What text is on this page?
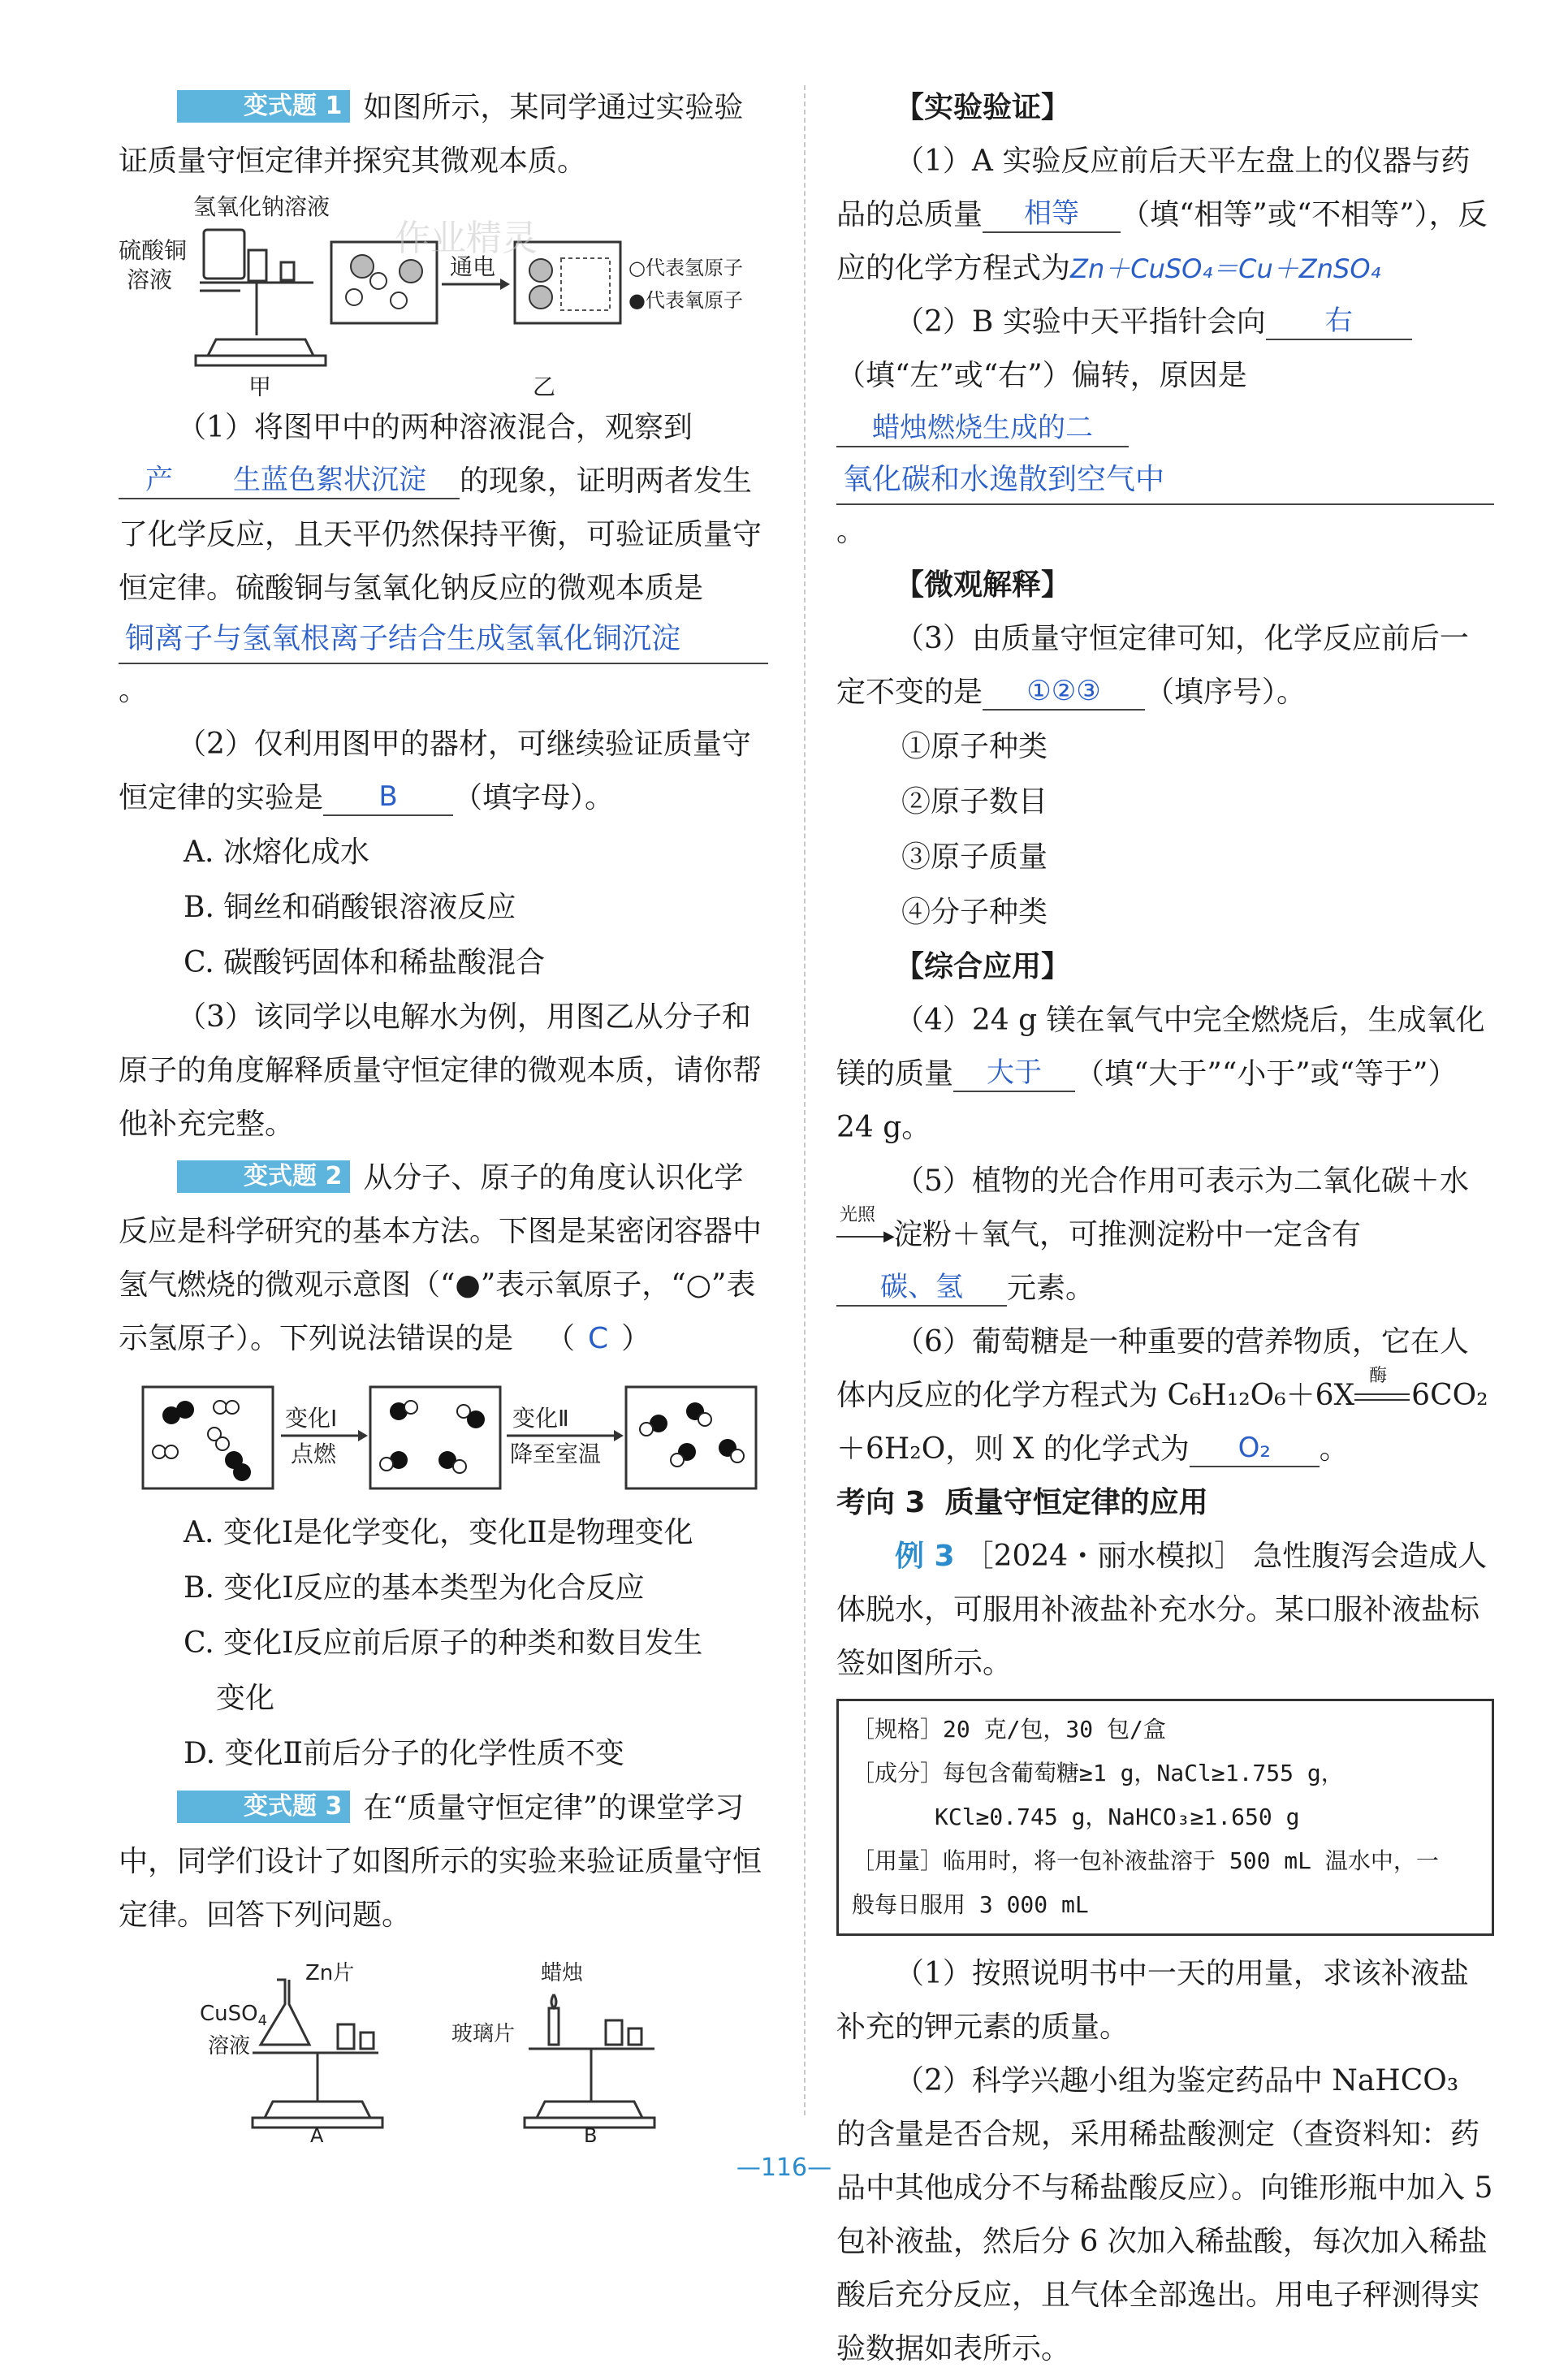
变式题 1 如图所示，某同学通过实验验证质量守恒定律并探究其微观本质。

氢氧化钠溶液
硫酸铜
溶液
甲
通电	○代表氢原子
●代表氧原子
乙
作业精灵

（1）将图甲中的两种溶液混合，观察到产 生蓝色絮状沉淀 的现象，证明两者发生了化学反应，且天平仍然保持平衡，可验证质量守恒定律。硫酸铜与氢氧化钠反应的微观本质是
铜离子与氢氧根离子结合生成氢氧化铜沉淀
。

（2）仅利用图甲的器材，可继续验证质量守恒定律的实验是 B （填字母）。

A. 冰熔化成水
B. 铜丝和硝酸银溶液反应
C. 碳酸钙固体和稀盐酸混合

（3）该同学以电解水为例，用图乙从分子和原子的角度解释质量守恒定律的微观本质，请你帮他补充完整。

变式题 2 从分子、原子的角度认识化学反应是科学研究的基本方法。下图是某密闭容器中氢气燃烧的微观示意图（“●”表示氧原子，“○”表示氢原子）。下列说法错误的是 （ C ）

变化Ⅰ
点燃
变化Ⅱ
降至室温
A. 变化Ⅰ是化学变化，变化Ⅱ是物理变化
B. 变化Ⅰ反应的基本类型为化合反应
C. 变化Ⅰ反应前后原子的种类和数目发生
变化
D. 变化Ⅱ前后分子的化学性质不变

变式题 3 在“质量守恒定律”的课堂学习中，同学们设计了如图所示的实验来验证质量守恒定律。回答下列问题。

Zn片
CuSO$_4$
溶液
A
蜡烛
玻璃片
B

【实验验证】

（1）A 实验反应前后天平左盘上的仪器与药品的总质量 相等 （填“相等”或“不相等”），反应的化学方程式为Zn＋CuSO₄＝Cu＋ZnSO₄

（2）B 实验中天平指针会向 右（填“左”或“右”）偏转，原因是蜡烛燃烧生成的二
氧化碳和水逸散到空气中
。

【微观解释】

（3）由质量守恒定律可知，化学反应前后一定不变的是 ①②③ （填序号）。

①原子种类
②原子数目
③原子质量
④分子种类

【综合应用】

（4）24 g 镁在氧气中完全燃烧后，生成氧化镁的质量 大于 （填“大于”“小于”或“等于”）24 g。

（5）植物的光合作用可表示为二氧化碳＋水
光照
▶
淀粉＋氧气，可推测淀粉中一定含有碳、氢 元素。

（6）葡萄糖是一种重要的营养物质，它在人体内反应的化学方程式为 C₆H₁₂O₆＋6X
酶
6CO₂＋6H₂O，则 X 的化学式为 O₂ 。

考向 3 质量守恒定律的应用

例 3 ［2024・丽水模拟］ 急性腹泻会造成人体脱水，可服用补液盐补充水分。某口服补液盐标签如图所示。

［规格］20 克/包，30 包/盒
［成分］每包含葡萄糖≥1 g，NaCl≥1.755 g，
KCl≥0.745 g，NaHCO₃≥1.650 g
［用量］临用时，将一包补液盐溶于 500 mL 温水中，一
般每日服用 3 000 mL

（1）按照说明书中一天的用量，求该补液盐补充的钾元素的质量。

（2）科学兴趣小组为鉴定药品中 NaHCO₃ 的含量是否合规，采用稀盐酸测定（查资料知：药品中其他成分不与稀盐酸反应）。向锥形瓶中加入 5 包补液盐，然后分 6 次加入稀盐酸，每次加入稀盐酸后充分反应，且气体全部逸出。用电子秤测得实验数据如表所示。

—116—
